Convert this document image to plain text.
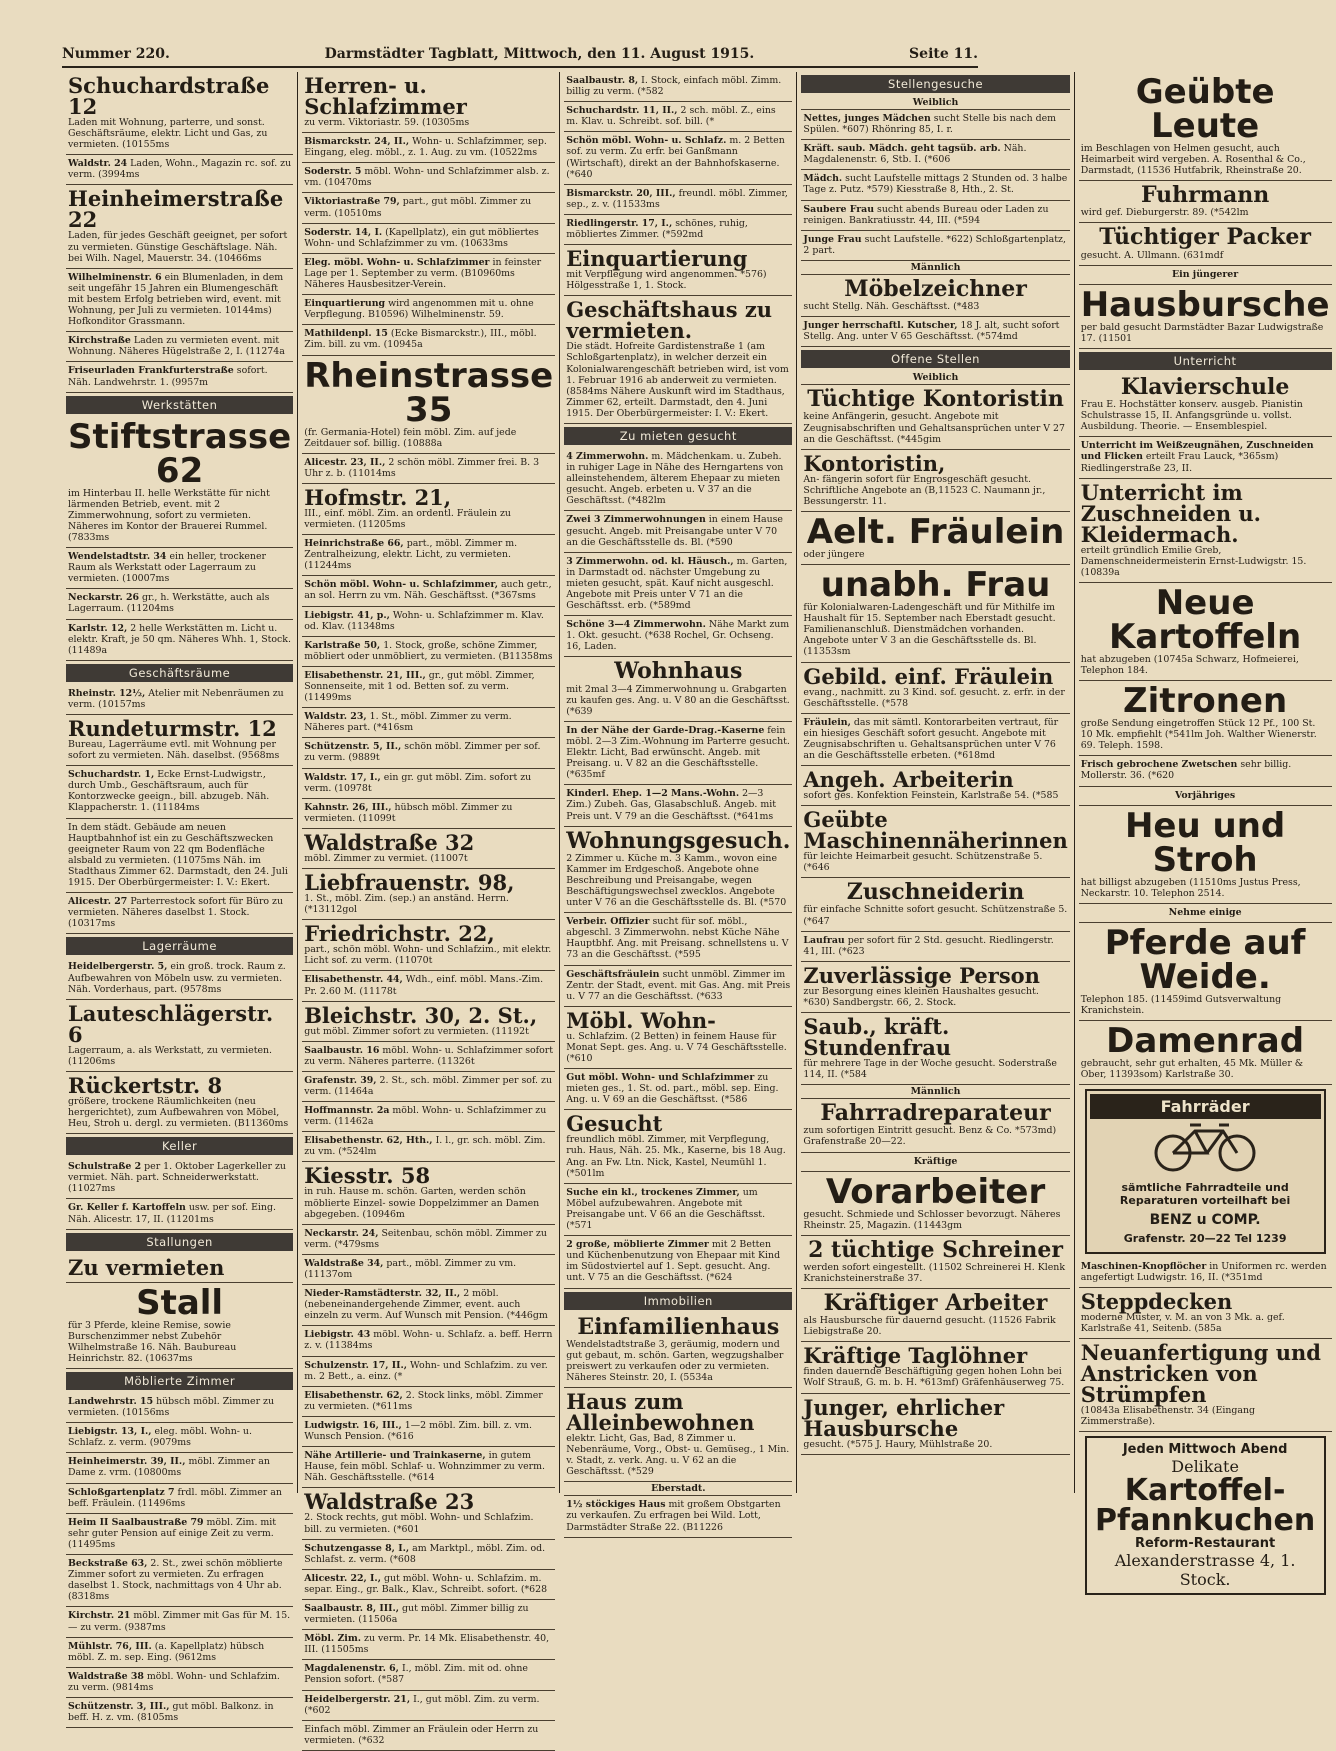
Nummer 220.	Darmstädter Tagblatt, Mittwoch, den 11. August 1915.	Seite 11.
Schuchardstraße 12
Laden mit Wohnung, parterre, und sonst. Geschäftsräume, elektr. Licht und Gas, zu vermieten. (10155ms
Waldstr. 24 Laden, Wohn., Magazin rc. sof. zu verm. (3994ms
Heinheimerstraße 22
Laden, für jedes Geschäft geeignet, per sofort zu vermieten. Günstige Geschäftslage. Näh. bei Wilh. Nagel, Mauerstr. 34. (10466ms
Wilhelminenstr. 6 ein Blumenladen, in dem seit ungefähr 15 Jahren ein Blumengeschäft mit bestem Erfolg betrieben wird, event. mit Wohnung, per Juli zu vermieten. 10144ms) Hofkonditor Grassmann.
Kirchstraße Laden zu vermieten event. mit Wohnung. Näheres Hügelstraße 2, I. (11274a
Friseurladen Frankfurterstraße sofort. Näh. Landwehrstr. 1. (9957m
Werkstätten
Stiftstrasse 62
im Hinterbau II. helle Werkstätte für nicht lärmenden Betrieb, event. mit 2 Zimmerwohnung, sofort zu vermieten. Näheres im Kontor der Brauerei Rummel. (7833ms
Wendelstadtstr. 34 ein heller, trockener Raum als Werkstatt oder Lagerraum zu vermieten. (10007ms
Neckarstr. 26 gr., h. Werkstätte, auch als Lagerraum. (11204ms
Karlstr. 12, 2 helle Werkstätten m. Licht u. elektr. Kraft, je 50 qm. Näheres Whh. 1, Stock. (11489a
Geschäftsräume
Rheinstr. 12½, Atelier mit Nebenräumen zu verm. (10157ms
Rundeturmstr. 12
Bureau, Lagerräume evtl. mit Wohnung per sofort zu vermieten. Näh. daselbst. (9568ms
Schuchardstr. 1, Ecke Ernst-Ludwigstr., durch Umb., Geschäftsraum, auch für Kontorzwecke geeign., bill. abzugeb. Näh. Klappacherstr. 1. (11184ms
In dem städt. Gebäude am neuen Hauptbahnhof ist ein zu Geschäftszwecken geeigneter Raum von 22 qm Bodenfläche alsbald zu vermieten. (11075ms Näh. im Stadthaus Zimmer 62. Darmstadt, den 24. Juli 1915. Der Oberbürgermeister: I. V.: Ekert.
Alicestr. 27 Parterrestock sofort für Büro zu vermieten. Näheres daselbst 1. Stock. (10317ms
Lagerräume
Heidelbergerstr. 5, ein groß. trock. Raum z. Aufbewahren von Möbeln usw. zu vermieten. Näh. Vorderhaus, part. (9578ms
Lauteschlägerstr. 6
Lagerraum, a. als Werkstatt, zu vermieten. (11206ms
Rückertstr. 8
größere, trockene Räumlichkeiten (neu hergerichtet), zum Aufbewahren von Möbel, Heu, Stroh u. dergl. zu vermieten. (B11360ms
Keller
Schulstraße 2 per 1. Oktober Lagerkeller zu vermiet. Näh. part. Schneiderwerkstatt. (11027ms
Gr. Keller f. Kartoffeln usw. per sof. Eing. Näh. Alicestr. 17, II. (11201ms
Stallungen
Zu vermieten
Stall
für 3 Pferde, kleine Remise, sowie Burschenzimmer nebst Zubehör Wilhelmstraße 16. Näh. Baubureau Heinrichstr. 82. (10637ms
Möblierte Zimmer
Landwehrstr. 15 hübsch möbl. Zimmer zu vermieten. (10156ms
Liebigstr. 13, I., eleg. möbl. Wohn- u. Schlafz. z. verm. (9079ms
Heinheimerstr. 39, II., möbl. Zimmer an Dame z. vrm. (10800ms
Schloßgartenplatz 7 frdl. möbl. Zimmer an beff. Fräulein. (11496ms
Heim II Saalbaustraße 79 möbl. Zim. mit sehr guter Pension auf einige Zeit zu verm. (11495ms
Beckstraße 63, 2. St., zwei schön möblierte Zimmer sofort zu vermieten. Zu erfragen daselbst 1. Stock, nachmittags von 4 Uhr ab. (8318ms
Kirchstr. 21 möbl. Zimmer mit Gas für M. 15.— zu verm. (9387ms
Mühlstr. 76, III. (a. Kapellplatz) hübsch möbl. Z. m. sep. Eing. (9612ms
Waldstraße 38 möbl. Wohn- und Schlafzim. zu verm. (9814ms
Schützenstr. 3, III., gut möbl. Balkonz. in beff. H. z. vm. (8105ms
Herren- u. Schlafzimmer
zu verm. Viktoriastr. 59. (10305ms
Bismarckstr. 24, II., Wohn- u. Schlafzimmer, sep. Eingang, eleg. möbl., z. 1. Aug. zu vm. (10522ms
Soderstr. 5 möbl. Wohn- und Schlafzimmer alsb. z. vm. (10470ms
Viktoriastraße 79, part., gut möbl. Zimmer zu verm. (10510ms
Soderstr. 14, I. (Kapellplatz), ein gut möbliertes Wohn- und Schlafzimmer zu vm. (10633ms
Eleg. möbl. Wohn- u. Schlafzimmer in feinster Lage per 1. September zu verm. (B10960ms Näheres Hausbesitzer-Verein.
Einquartierung wird angenommen mit u. ohne Verpflegung. B10596) Wilhelminenstr. 59.
Mathildenpl. 15 (Ecke Bismarckstr.), III., möbl. Zim. bill. zu vm. (10945a
Rheinstrasse 35
(fr. Germania-Hotel) fein möbl. Zim. auf jede Zeitdauer sof. billig. (10888a
Alicestr. 23, II., 2 schön möbl. Zimmer frei. B. 3 Uhr z. b. (11014ms
Hofmstr. 21,
III., einf. möbl. Zim. an ordentl. Fräulein zu vermieten. (11205ms
Heinrichstraße 66, part., möbl. Zimmer m. Zentralheizung, elektr. Licht, zu vermieten. (11244ms
Schön möbl. Wohn- u. Schlafzimmer, auch getr., an sol. Herrn zu vm. Näh. Geschäftsst. (*367sms
Liebigstr. 41, p., Wohn- u. Schlafzimmer m. Klav. od. Klav. (11348ms
Karlstraße 50, 1. Stock, große, schöne Zimmer, möbliert oder unmöbliert, zu vermieten. (B11358ms
Elisabethenstr. 21, III., gr., gut möbl. Zimmer, Sonnenseite, mit 1 od. Betten sof. zu verm. (11499ms
Waldstr. 23, 1. St., möbl. Zimmer zu verm. Näheres part. (*416sm
Schützenstr. 5, II., schön möbl. Zimmer per sof. zu verm. (9889t
Waldstr. 17, I., ein gr. gut möbl. Zim. sofort zu verm. (10978t
Kahnstr. 26, III., hübsch möbl. Zimmer zu vermieten. (11099t
Waldstraße 32
möbl. Zimmer zu vermiet. (11007t
Liebfrauenstr. 98,
1. St., möbl. Zim. (sep.) an anständ. Herrn. (*13112gol
Friedrichstr. 22,
part., schön möbl. Wohn- und Schlafzim., mit elektr. Licht sof. zu verm. (11070t
Elisabethenstr. 44, Wdh., einf. möbl. Mans.-Zim. Pr. 2.60 M. (11178t
Bleichstr. 30, 2. St.,
gut möbl. Zimmer sofort zu vermieten. (11192t
Saalbaustr. 16 möbl. Wohn- u. Schlafzimmer sofort zu verm. Näheres parterre. (11326t
Grafenstr. 39, 2. St., sch. möbl. Zimmer per sof. zu verm. (11464a
Hoffmannstr. 2a möbl. Wohn- u. Schlafzimmer zu verm. (11462a
Elisabethenstr. 62, Hth., I. l., gr. sch. möbl. Zim. zu vm. (*524lm
Kiesstr. 58
in ruh. Hause m. schön. Garten, werden schön möblierte Einzel- sowie Doppelzimmer an Damen abgegeben. (10946m
Neckarstr. 24, Seitenbau, schön möbl. Zimmer zu verm. (*479sms
Waldstraße 34, part., möbl. Zimmer zu vm. (11137om
Nieder-Ramstädterstr. 32, II., 2 möbl. (nebeneinandergehende Zimmer, event. auch einzeln zu verm. Auf Wunsch mit Pension. (*446gm
Liebigstr. 43 möbl. Wohn- u. Schlafz. a. beff. Herrn z. v. (11384ms
Schulzenstr. 17, II., Wohn- und Schlafzim. zu ver. m. 2 Bett., a. einz. (*
Elisabethenstr. 62, 2. Stock links, möbl. Zimmer zu vermieten. (*611ms
Ludwigstr. 16, III., 1—2 möbl. Zim. bill. z. vm. Wunsch Pension. (*616
Nähe Artillerie- und Trainkaserne, in gutem Hause, fein möbl. Schlaf- u. Wohnzimmer zu verm. Näh. Geschäftsstelle. (*614
Waldstraße 23
2. Stock rechts, gut möbl. Wohn- und Schlafzim. bill. zu vermieten. (*601
Schutzengasse 8, I., am Marktpl., möbl. Zim. od. Schlafst. z. verm. (*608
Alicestr. 22, I., gut möbl. Wohn- u. Schlafzim. m. separ. Eing., gr. Balk., Klav., Schreibt. sofort. (*628
Saalbaustr. 8, III., gut möbl. Zimmer billig zu vermieten. (11506a
Möbl. Zim. zu verm. Pr. 14 Mk. Elisabethenstr. 40, III. (11505ms
Magdalenenstr. 6, I., möbl. Zim. mit od. ohne Pension sofort. (*587
Heidelbergerstr. 21, I., gut möbl. Zim. zu verm. (*602
Einfach möbl. Zimmer an Fräulein oder Herrn zu vermieten. (*632
Saalbaustr. 8, I. Stock, einfach möbl. Zimm. billig zu verm. (*582
Schuchardstr. 11, II., 2 sch. möbl. Z., eins m. Klav. u. Schreibt. sof. bill. (*
Schön möbl. Wohn- u. Schlafz. m. 2 Betten sof. zu verm. Zu erfr. bei Ganßmann (Wirtschaft), direkt an der Bahnhofskaserne. (*640
Bismarckstr. 20, III., freundl. möbl. Zimmer, sep., z. v. (11533ms
Riedlingerstr. 17, I., schönes, ruhig, möbliertes Zimmer. (*592md
Einquartierung
mit Verpflegung wird angenommen. *576) Hölgesstraße 1, 1. Stock.
Geschäftshaus zu vermieten.
Die städt. Hofreite Gardistenstraße 1 (am Schloßgartenplatz), in welcher derzeit ein Kolonialwarengeschäft betrieben wird, ist vom 1. Februar 1916 ab anderweit zu vermieten. (8584ms Nähere Auskunft wird im Stadthaus, Zimmer 62, erteilt. Darmstadt, den 4. Juni 1915. Der Oberbürgermeister: I. V.: Ekert.
Zu mieten gesucht
4 Zimmerwohn. m. Mädchenkam. u. Zubeh. in ruhiger Lage in Nähe des Herngartens von alleinstehendem, älterem Ehepaar zu mieten gesucht. Angeb. erbeten u. V 37 an die Geschäftsst. (*482lm
Zwei 3 Zimmerwohnungen in einem Hause gesucht. Angeb. mit Preisangabe unter V 70 an die Geschäftsstelle ds. Bl. (*590
3 Zimmerwohn. od. kl. Häusch., m. Garten, in Darmstadt od. nächster Umgebung zu mieten gesucht, spät. Kauf nicht ausgeschl. Angebote mit Preis unter V 71 an die Geschäftsst. erb. (*589md
Schöne 3—4 Zimmerwohn. Nähe Markt zum 1. Okt. gesucht. (*638 Rochel, Gr. Ochseng. 16, Laden.
Wohnhaus
mit 2mal 3—4 Zimmerwohnung u. Grabgarten zu kaufen ges. Ang. u. V 80 an die Geschäftsst. (*639
In der Nähe der Garde-Drag.-Kaserne fein möbl. 2—3 Zim.-Wohnung im Parterre gesucht. Elektr. Licht, Bad erwünscht. Angeb. mit Preisang. u. V 82 an die Geschäftsstelle. (*635mf
Kinderl. Ehep. 1—2 Mans.-Wohn. 2—3 Zim.) Zubeh. Gas, Glasabschluß. Angeb. mit Preis unt. V 79 an die Geschäftsst. (*641ms
Wohnungsgesuch.
2 Zimmer u. Küche m. 3 Kamm., wovon eine Kammer im Erdgeschoß. Angebote ohne Beschreibung und Preisangabe, wegen Beschäftigungswechsel zwecklos. Angebote unter V 76 an die Geschäftsstelle ds. Bl. (*570
Verbeir. Offizier sucht für sof. möbl., abgeschl. 3 Zimmerwohn. nebst Küche Nähe Hauptbhf. Ang. mit Preisang. schnellstens u. V 73 an die Geschäftsst. (*595
Geschäftsfräulein sucht unmöbl. Zimmer im Zentr. der Stadt, event. mit Gas. Ang. mit Preis u. V 77 an die Geschäftsst. (*633
Möbl. Wohn-
u. Schlafzim. (2 Betten) in feinem Hause für Monat Sept. ges. Ang. u. V 74 Geschäftsstelle. (*610
Gut möbl. Wohn- und Schlafzimmer zu mieten ges., 1. St. od. part., möbl. sep. Eing. Ang. u. V 69 an die Geschäftsst. (*586
Gesucht
freundlich möbl. Zimmer, mit Verpflegung, ruh. Haus, Näh. 25. Mk., Kaserne, bis 18 Aug. Ang. an Fw. Ltn. Nick, Kastel, Neumühl 1. (*501lm
Suche ein kl., trockenes Zimmer, um Möbel aufzubewahren. Angebote mit Preisangabe unt. V 66 an die Geschäftsst. (*571
2 große, möblierte Zimmer mit 2 Betten und Küchenbenutzung von Ehepaar mit Kind im Südostviertel auf 1. Sept. gesucht. Ang. unt. V 75 an die Geschäftsst. (*624
Immobilien
Einfamilienhaus
Wendelstadtstraße 3, geräumig, modern und gut gebaut, m. schön. Garten, wegzugshalber preiswert zu verkaufen oder zu vermieten. Näheres Steinstr. 20, I. (5534a
Haus zum Alleinbewohnen
elektr. Licht, Gas, Bad, 8 Zimmer u. Nebenräume, Vorg., Obst- u. Gemüseg., 1 Min. v. Stadt, z. verk. Ang. u. V 62 an die Geschäftsst. (*529
Eberstadt.
1½ stöckiges Haus mit großem Obstgarten zu verkaufen. Zu erfragen bei Wild. Lott, Darmstädter Straße 22. (B11226
Stellengesuche
Weiblich
Nettes, junges Mädchen sucht Stelle bis nach dem Spülen. *607) Rhönring 85, I. r.
Kräft. saub. Mädch. geht tagsüb. arb. Näh. Magdalenenstr. 6, Stb. I. (*606
Mädch. sucht Laufstelle mittags 2 Stunden od. 3 halbe Tage z. Putz. *579) Kiesstraße 8, Hth., 2. St.
Saubere Frau sucht abends Bureau oder Laden zu reinigen. Bankratiusstr. 44, III. (*594
Junge Frau sucht Laufstelle. *622) Schloßgartenplatz, 2 part.
Männlich
Möbelzeichner
sucht Stellg. Näh. Geschäftsst. (*483
Junger herrschaftl. Kutscher, 18 J. alt, sucht sofort Stellg. Ang. unter V 65 Geschäftsst. (*574md
Offene Stellen
Weiblich
Tüchtige Kontoristin
keine Anfängerin, gesucht. Angebote mit Zeugnisabschriften und Gehaltsansprüchen unter V 27 an die Geschäftsst. (*445gim
Kontoristin,
An- fängerin sofort für Engrosgeschäft gesucht. Schriftliche Angebote an (B,11523 C. Naumann jr., Bessungerstr. 11.
Aelt. Fräulein
oder jüngere
unabh. Frau
für Kolonialwaren-Ladengeschäft und für Mithilfe im Haushalt für 15. September nach Eberstadt gesucht. Familienanschluß. Dienstmädchen vorhanden. Angebote unter V 3 an die Geschäftsstelle ds. Bl. (11353sm
Gebild. einf. Fräulein
evang., nachmitt. zu 3 Kind. sof. gesucht. z. erfr. in der Geschäftsstelle. (*578
Fräulein, das mit sämtl. Kontorarbeiten vertraut, für ein hiesiges Geschäft sofort gesucht. Angebote mit Zeugnisabschriften u. Gehaltsansprüchen unter V 76 an die Geschäftsstelle erbeten. (*618md
Angeh. Arbeiterin
sofort ges. Konfektion Feinstein, Karlstraße 54. (*585
Geübte Maschinennäherinnen
für leichte Heimarbeit gesucht. Schützenstraße 5. (*646
Zuschneiderin
für einfache Schnitte sofort gesucht. Schützenstraße 5. (*647
Laufrau per sofort für 2 Std. gesucht. Riedlingerstr. 41, III. (*623
Zuverlässige Person
zur Besorgung eines kleinen Haushaltes gesucht. *630) Sandbergstr. 66, 2. Stock.
Saub., kräft. Stundenfrau
für mehrere Tage in der Woche gesucht. Soderstraße 114, II. (*584
Männlich
Fahrradreparateur
zum sofortigen Eintritt gesucht. Benz & Co. *573md) Grafenstraße 20—22.
Kräftige
Vorarbeiter
gesucht. Schmiede und Schlosser bevorzugt. Näheres Rheinstr. 25, Magazin. (11443gm
2 tüchtige Schreiner
werden sofort eingestellt. (11502 Schreinerei H. Klenk Kranichsteinerstraße 37.
Kräftiger Arbeiter
als Hausbursche für dauernd gesucht. (11526 Fabrik Liebigstraße 20.
Kräftige Taglöhner
finden dauernde Beschäftigung gegen hohen Lohn bei Wolf Strauß, G. m. b. H. *613mf) Gräfenhäuserweg 75.
Junger, ehrlicher Hausbursche
gesucht. (*575 J. Haury, Mühlstraße 20.
Geübte Leute
im Beschlagen von Helmen gesucht, auch Heimarbeit wird vergeben. A. Rosenthal & Co., Darmstadt, (11536 Hutfabrik, Rheinstraße 20.
Fuhrmann
wird gef. Dieburgerstr. 89. (*542lm
Tüchtiger Packer
gesucht. A. Ullmann. (631mdf
Ein jüngerer
Hausbursche
per bald gesucht Darmstädter Bazar Ludwigstraße 17. (11501
Unterricht
Klavierschule
Frau E. Hochstätter konserv. ausgeb. Pianistin Schulstrasse 15, II. Anfangsgründe u. vollst. Ausbildung. Theorie. — Ensemblespiel.
Unterricht im Weißzeugnähen, Zuschneiden und Flicken erteilt Frau Lauck, *365sm) Riedlingerstraße 23, II.
Unterricht im Zuschneiden u. Kleidermach.
erteilt gründlich Emilie Greb, Damenschneidermeisterin Ernst-Ludwigstr. 15. (10839a
Neue Kartoffeln
hat abzugeben (10745a Schwarz, Hofmeierei, Telephon 184.
Zitronen
große Sendung eingetroffen Stück 12 Pf., 100 St. 10 Mk. empfiehlt (*541lm Joh. Walther Wienerstr. 69. Teleph. 1598.
Frisch gebrochene Zwetschen sehr billig. Mollerstr. 36. (*620
Vorjähriges
Heu und Stroh
hat billigst abzugeben (11510ms Justus Press, Neckarstr. 10. Telephon 2514.
Nehme einige
Pferde auf Weide.
Telephon 185. (11459imd Gutsverwaltung Kranichstein.
Damenrad
gebraucht, sehr gut erhalten, 45 Mk. Müller & Ober, 11393som) Karlstraße 30.
Fahrräder
sämtliche Fahrradteile und Reparaturen vorteilhaft bei
BENZ u COMP.
Grafenstr. 20—22 Tel 1239
Maschinen-Knopflöcher in Uniformen rc. werden angefertigt Ludwigstr. 16, II. (*351md
Steppdecken
moderne Muster, v. M. an von 3 Mk. a. gef. Karlstraße 41, Seitenb. (585a
Neuanfertigung und Anstricken von Strümpfen
(10843a Elisabethenstr. 34 (Eingang Zimmerstraße).
Jeden Mittwoch Abend
Delikate
Kartoffel-Pfannkuchen
Reform-Restaurant
Alexanderstrasse 4, 1. Stock.
